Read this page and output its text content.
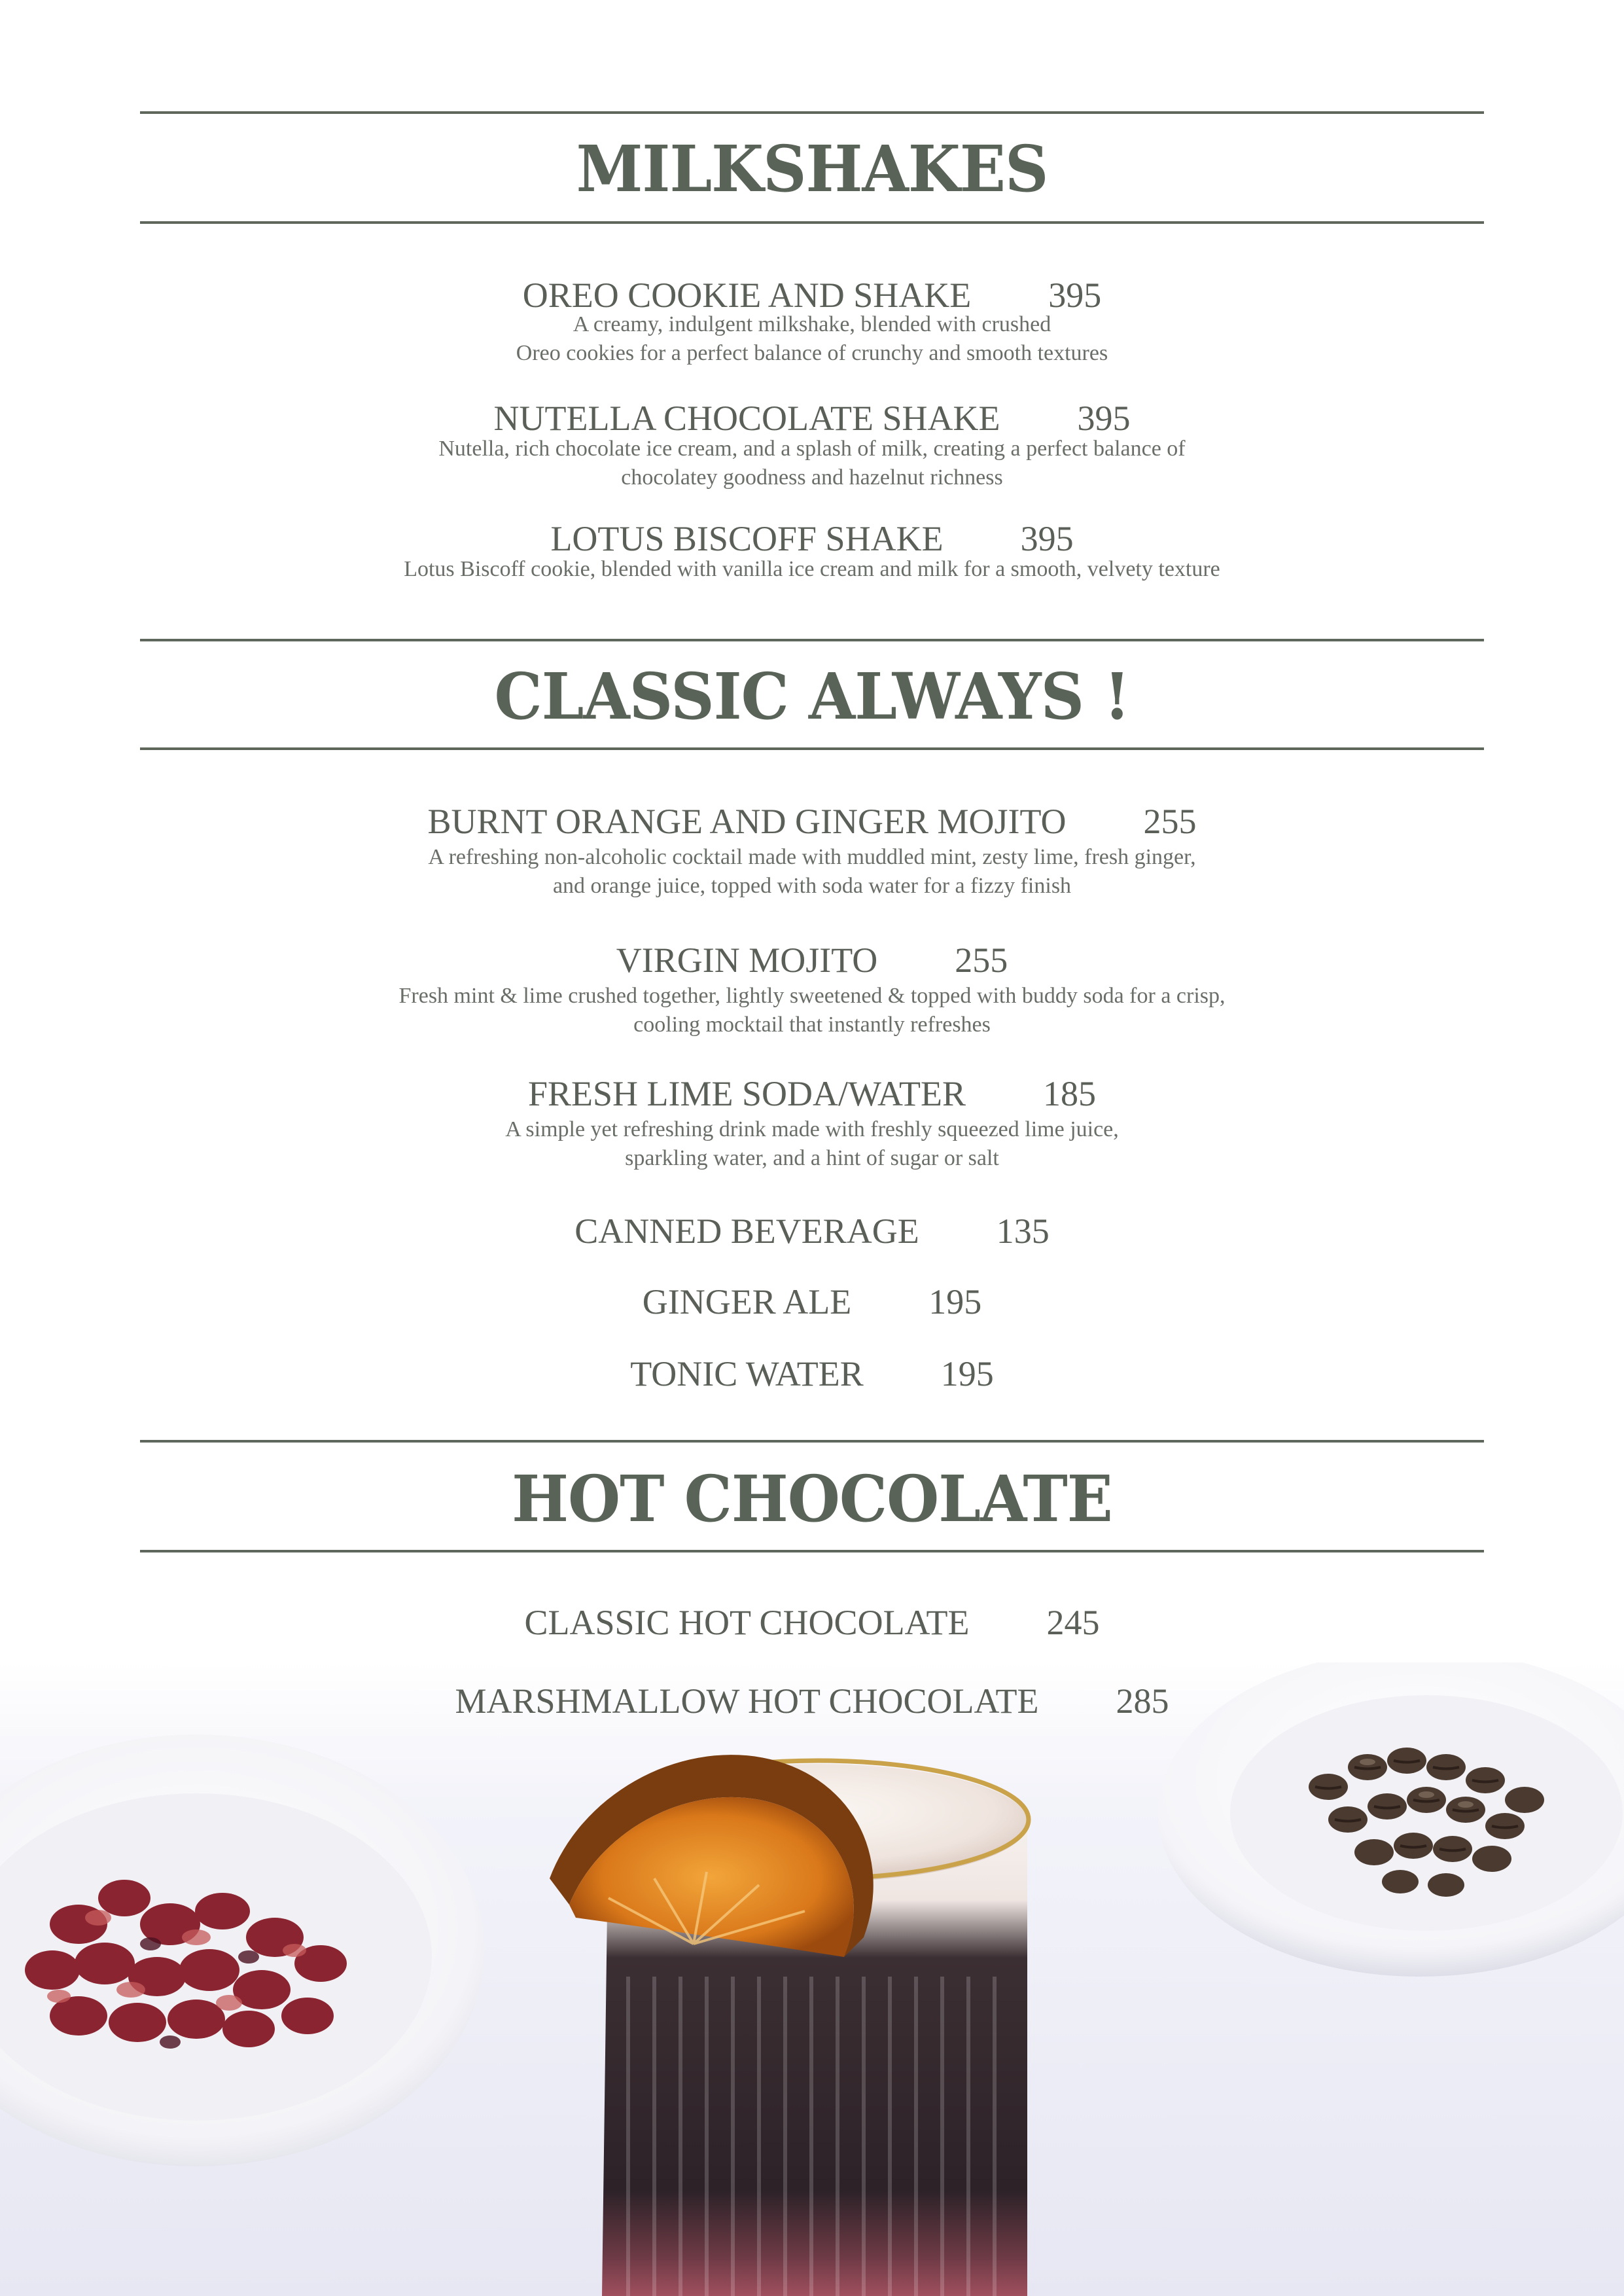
MILKSHAKES
OREO COOKIE AND SHAKE 395
A creamy, indulgent milkshake, blended with crushed
Oreo cookies for a perfect balance of crunchy and smooth textures
NUTELLA CHOCOLATE SHAKE 395
Nutella, rich chocolate ice cream, and a splash of milk, creating a perfect balance of
chocolatey goodness and hazelnut richness
LOTUS BISCOFF SHAKE 395
Lotus Biscoff cookie, blended with vanilla ice cream and milk for a smooth, velvety texture
CLASSIC ALWAYS !
BURNT ORANGE AND GINGER MOJITO 255
A refreshing non-alcoholic cocktail made with muddled mint, zesty lime, fresh ginger,
and orange juice, topped with soda water for a fizzy finish
VIRGIN MOJITO 255
Fresh mint & lime crushed together, lightly sweetened & topped with buddy soda for a crisp,
cooling mocktail that instantly refreshes
FRESH LIME SODA/WATER 185
A simple yet refreshing drink made with freshly squeezed lime juice,
sparkling water, and a hint of sugar or salt
CANNED BEVERAGE 135
GINGER ALE 195
TONIC WATER 195
HOT CHOCOLATE
CLASSIC HOT CHOCOLATE 245
MARSHMALLOW HOT CHOCOLATE 285
